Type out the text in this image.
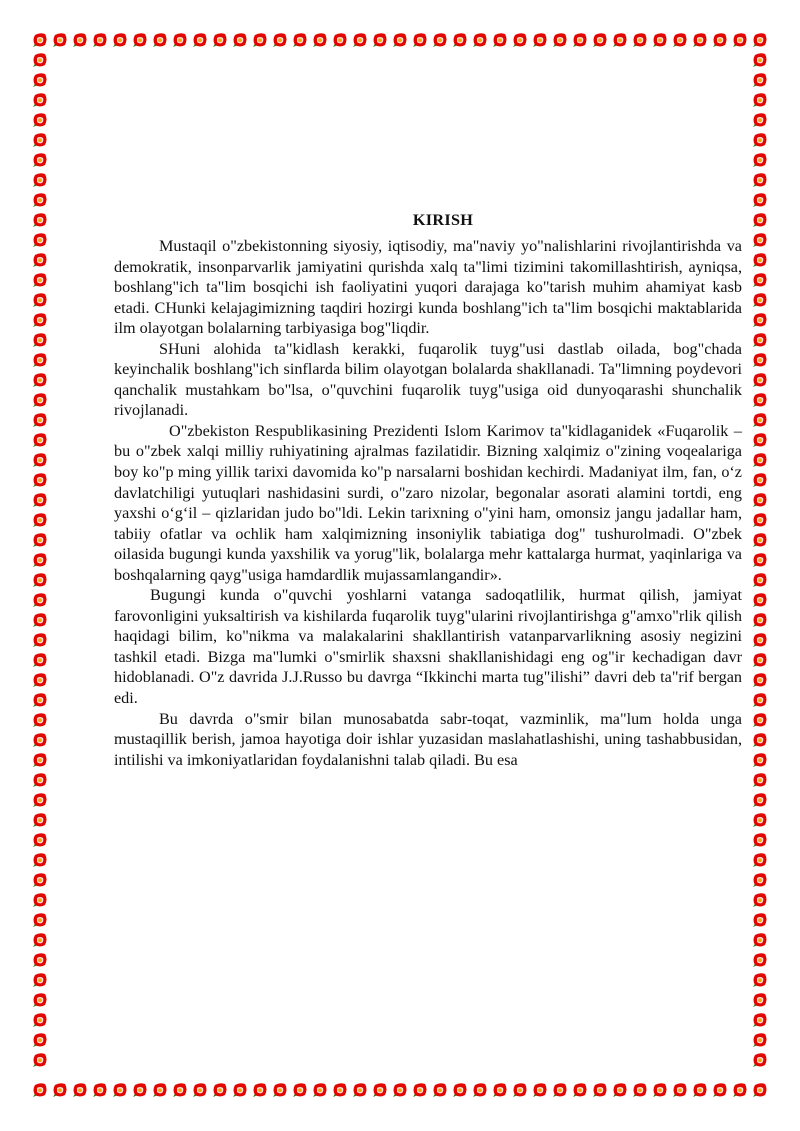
KIRISH

Mustaqil o"zbekistonning siyosiy, iqtisodiy, ma"naviy yo"nalishlarini rivojlantirishda va demokratik, insonparvarlik jamiyatini qurishda xalq ta"limi tizimini takomillashtirish, ayniqsa, boshlang"ich ta"lim bosqichi ish faoliyatini yuqori darajaga ko"tarish muhim ahamiyat kasb etadi. CHunki kelajagimizning taqdiri hozirgi kunda boshlang"ich ta"lim bosqichi maktablarida ilm olayotgan bolalarning tarbiyasiga bog"liqdir.

SHuni alohida ta"kidlash kerakki, fuqarolik tuyg"usi dastlab oilada, bog"chada keyinchalik boshlang"ich sinflarda bilim olayotgan bolalarda shakllanadi. Ta"limning poydevori qanchalik mustahkam bo"lsa, o"quvchini fuqarolik tuyg"usiga oid dunyoqarashi shunchalik rivojlanadi.

O"zbekiston Respublikasining Prezidenti Islom Karimov ta"kidlaganidek «Fuqarolik – bu o"zbek xalqi milliy ruhiyatining ajralmas fazilatidir. Bizning xalqimiz o"zining voqealariga boy ko"p ming yillik tarixi davomida ko"p narsalarni boshidan kechirdi. Madaniyat ilm, fan, o‘z davlatchiligi yutuqlari nashidasini surdi, o"zaro nizolar, begonalar asorati alamini tortdi, eng yaxshi o‘g‘il – qizlaridan judo bo"ldi. Lekin tarixning o"yini ham, omonsiz jangu jadallar ham, tabiiy ofatlar va ochlik ham xalqimizning insoniylik tabiatiga dog" tushurolmadi. O"zbek oilasida bugungi kunda yaxshilik va yorug"lik, bolalarga mehr kattalarga hurmat, yaqinlariga va boshqalarning qayg"usiga hamdardlik mujassamlangandir».

Bugungi kunda o"quvchi yoshlarni vatanga sadoqatlilik, hurmat qilish, jamiyat farovonligini yuksaltirish va kishilarda fuqarolik tuyg"ularini rivojlantirishga g"amxo"rlik qilish haqidagi bilim, ko"nikma va malakalarini shakllantirish vatanparvarlikning asosiy negizini tashkil etadi. Bizga ma"lumki o"smirlik shaxsni shakllanishidagi eng og"ir kechadigan davr hidoblanadi. O"z davrida J.J.Russo bu davrga “Ikkinchi marta tug"ilishi” davri deb ta"rif bergan edi.

Bu davrda o"smir bilan munosabatda sabr-toqat, vazminlik, ma"lum holda unga mustaqillik berish, jamoa hayotiga doir ishlar yuzasidan maslahatlashishi, uning tashabbusidan, intilishi va imkoniyatlaridan foydalanishni talab qiladi. Bu esa
